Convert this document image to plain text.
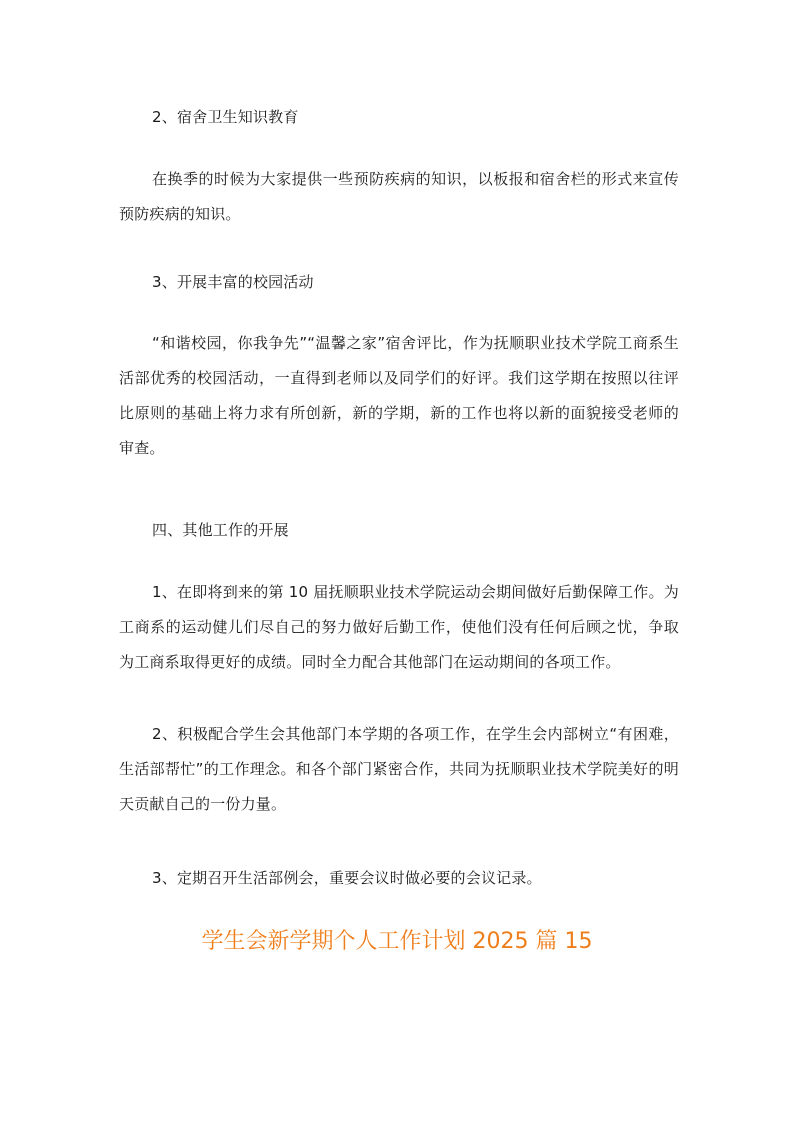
2、宿舍卫生知识教育

在换季的时候为大家提供一些预防疾病的知识，以板报和宿舍栏的形式来宣传预防疾病的知识。

3、开展丰富的校园活动

“和谐校园，你我争先”“温馨之家”宿舍评比，作为抚顺职业技术学院工商系生活部优秀的校园活动，一直得到老师以及同学们的好评。我们这学期在按照以往评比原则的基础上将力求有所创新，新的学期，新的工作也将以新的面貌接受老师的审查。

四、其他工作的开展

1、在即将到来的第 10 届抚顺职业技术学院运动会期间做好后勤保障工作。为工商系的运动健儿们尽自己的努力做好后勤工作，使他们没有任何后顾之忧，争取为工商系取得更好的成绩。同时全力配合其他部门在运动期间的各项工作。

2、积极配合学生会其他部门本学期的各项工作，在学生会内部树立“有困难，生活部帮忙”的工作理念。和各个部门紧密合作，共同为抚顺职业技术学院美好的明天贡献自己的一份力量。

3、定期召开生活部例会，重要会议时做必要的会议记录。

学生会新学期个人工作计划 2025 篇 15
